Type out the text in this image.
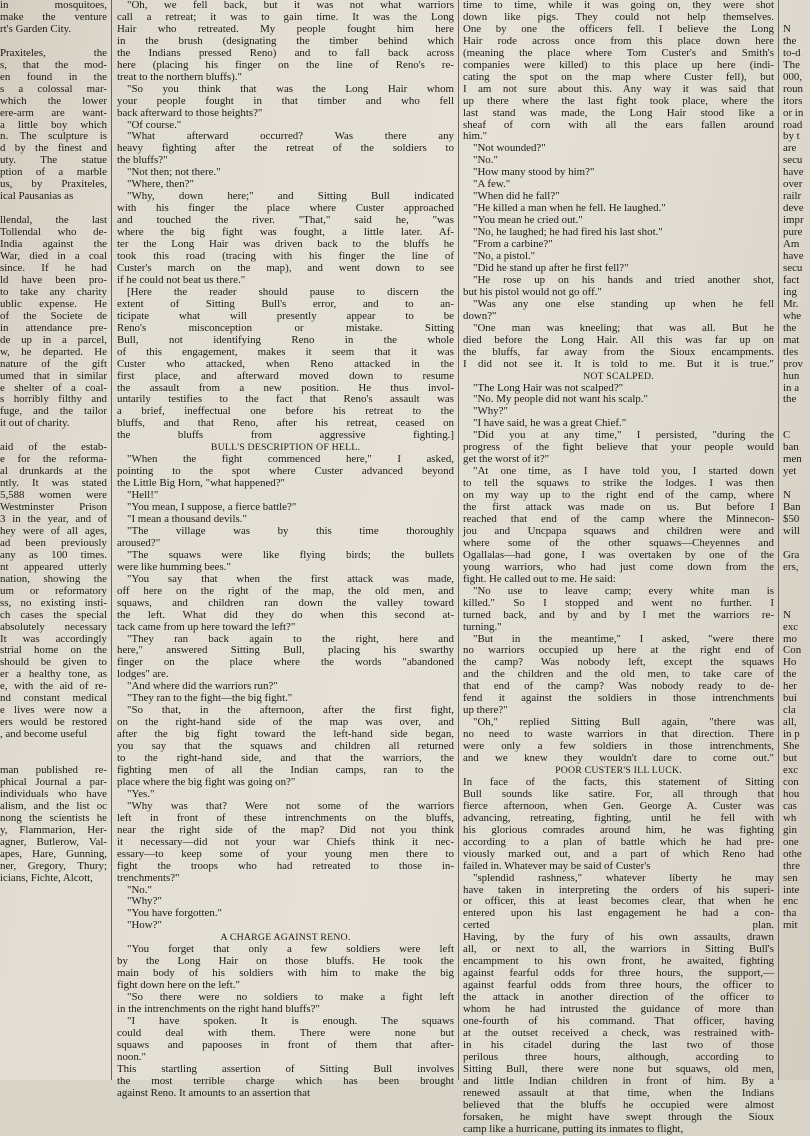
in mosquitoes,
make the venture
rt's Garden City.

Praxiteles, the
s, that the mod-
en found in the
s a colossal mar-
which the lower
ere-arm are want-
a little boy which
n. The sculpture is
d by the finest and
uty. The statue
ption of a marble
us, by Praxiteles,
ical Pausanias as

llendal, the last
Tollendal who de-
India against the
War, died in a coal
since. If he had
ld have been pro-
to take any charity
ublic expense. He
of the Societe de
in attendance pre-
de up in a parcel,
w, he departed. He
nature of the gift
umed that in similar
e shelter of a coal-
s horribly filthy and
fuge, and the tailor
it out of charity.

aid of the estab-
e for the reforma-
al drunkards at the
ntly. It was stated
5,588 women were
Westminster Prison
3 in the year, and of
hey were of all ages,
ad been previously
any as 100 times.
nt appeared utterly
nation, showing the
um or reformatory
ss, no existing insti-
ch cases the special
absolutely necessary
It was accordingly
strial home on the
should be given to
er a healthy tone, as
e, with the aid of re-
nd constant medical
e lives were now a
ers would be restored
, and become useful

man published re-
phical Journal a par-
individuals who have
alism, and the list oc
nong the scientists he
y, Flammarion, Her-
agner, Butlerow, Val-
apes, Hare, Gunning,
ner, Gregory, Thury;
icians, Fichte, Alcott,
"Oh, we fell back, but it was not what warriors
call a retreat; it was to gain time. It was the Long
Hair who retreated. My people fought him here
in the brush (designating the timber behind which
the Indians pressed Reno) and to fall back across
here (placing his finger on the line of Reno's re-
treat to the northern bluffs)."
"So you think that was the Long Hair whom
your people fought in that timber and who fell
back afterward to those heights?"
"Of course."
"What afterward occurred? Was there any
heavy fighting after the retreat of the soldiers to
the bluffs?"
"Not then; not there."
"Where, then?"
"Why, down here;" and Sitting Bull indicated
with his finger the place where Custer approached
and touched the river. "That," said he, "was
where the big fight was fought, a little later. Af-
ter the Long Hair was driven back to the bluffs he
took this road (tracing with his finger the line of
Custer's march on the map), and went down to see
if he could not beat us there."
[Here the reader should pause to discern the
extent of Sitting Bull's error, and to an-
ticipate what will presently appear to be
Reno's misconception or mistake. Sitting
Bull, not identifying Reno in the whole
of this engagement, makes it seem that it was
Custer who attacked, when Reno attacked in the
first place, and afterward moved down to resume
the assault from a new position. He thus invol-
untarily testifies to the fact that Reno's assault was
a brief, ineffectual one before his retreat to the
bluffs, and that Reno, after his retreat, ceased on
the bluffs from aggressive fighting.]
BULL'S DESCRIPTION OF HELL.
"When the fight commenced here," I asked,
pointing to the spot where Custer advanced beyond
the Little Big Horn, "what happened?"
"Hell!"
"You mean, I suppose, a fierce battle?"
"I mean a thousand devils."
"The village was by this time thoroughly
aroused?"
"The squaws were like flying birds; the bullets
were like humming bees."
"You say that when the first attack was made,
off here on the right of the map, the old men, and
squaws, and children ran down the valley toward
the left. What did they do when this second at-
tack came from up here toward the left?"
"They ran back again to the right, here and
here," answered Sitting Bull, placing his swarthy
finger on the place where the words "abandoned
lodges" are.
"And where did the warriors run?"
"They ran to the fight—the big fight."
"So that, in the afternoon, after the first fight,
on the right-hand side of the map was over, and
after the big fight toward the left-hand side began,
you say that the squaws and children all returned
to the right-hand side, and that the warriors, the
fighting men of all the Indian camps, ran to the
place where the big fight was going on?"
"Yes."
"Why was that? Were not some of the warriors
left in front of these intrenchments on the bluffs,
near the right side of the map? Did not you think
it necessary—did not your war Chiefs think it nec-
essary—to keep some of your young men there to
fight the troops who had retreated to those in-
trenchments?"
"No."
"Why?"
"You have forgotten."
"How?"
A CHARGE AGAINST RENO.
"You forget that only a few soldiers were left
by the Long Hair on those bluffs. He took the
main body of his soldiers with him to make the big
fight down here on the left."
"So there were no soldiers to make a fight left
in the intrenchments on the right hand bluffs?"
"I have spoken. It is enough. The squaws
could deal with them. There were none but
squaws and papooses in front of them that after-
noon."
This startling assertion of Sitting Bull involves
the most terrible charge which has been brought
against Reno. It amounts to an assertion that
time to time, while it was going on, they were shot
down like pigs. They could not help themselves.
One by one the officers fell. I believe the Long
Hair rode across once from this place down here
(meaning the place where Tom Custer's and Smith's
companies were killed) to this place up here (indi-
cating the spot on the map where Custer fell), but
I am not sure about this. Any way it was said that
up there where the last fight took place, where the
last stand was made, the Long Hair stood like a
sheaf of corn with all the ears fallen around
him."
"Not wounded?"
"No."
"How many stood by him?"
"A few."
"When did he fall?"
"He killed a man when he fell. He laughed."
"You mean he cried out."
"No, he laughed; he had fired his last shot."
"From a carbine?"
"No, a pistol."
"Did he stand up after he first fell?"
"He rose up on his hands and tried another shot,
but his pistol would not go off."
"Was any one else standing up when he fell
down?"
"One man was kneeling; that was all. But he
died before the Long Hair. All this was far up on
the bluffs, far away from the Sioux encampments.
I did not see it. It is told to me. But it is true."
NOT SCALPED.
"The Long Hair was not scalped?"
"No. My people did not want his scalp."
"Why?"
"I have said, he was a great Chief."
"Did you at any time," I persisted, "during the
progress of the fight believe that your people would
get the worst of it?"
"At one time, as I have told you, I started down
to tell the squaws to strike the lodges. I was then
on my way up to the right end of the camp, where
the first attack was made on us. But before I
reached that end of the camp where the Minnecon-
jou and Uncpapa squaws and children were and
where some of the other squaws—Cheyennes and
Ogallalas—had gone, I was overtaken by one of the
young warriors, who had just come down from the
fight. He called out to me. He said:
"No use to leave camp; every white man is
killed." So I stopped and went no further. I
turned back, and by and by I met the warriors re-
turning."
"But in the meantime," I asked, "were there
no warriors occupied up here at the right end of
the camp? Was nobody left, except the squaws
and the children and the old men, to take care of
that end of the camp? Was nobody ready to de-
fend it against the soldiers in those intrenchments
up there?"
"Oh," replied Sitting Bull again, "there was
no need to waste warriors in that direction. There
were only a few soldiers in those intrenchments,
and we knew they wouldn't dare to come out."
POOR CUSTER'S ILL LUCK.
In face of the facts, this statement of Sitting
Bull sounds like satire. For, all through that
fierce afternoon, when Gen. George A. Custer was
advancing, retreating, fighting, until he fell with
his glorious comrades around him, he was fighting
according to a plan of battle which he had pre-
viously marked out, and a part of which Reno had
failed in. Whatever may be said of Custer's
"splendid rashness," whatever liberty he may
have taken in interpreting the orders of his superi-
or officer, this at least becomes clear, that when he
entered upon his last engagement he had a con-
certed plan.
Having, by the fury of his own assaults, drawn
all, or next to all, the warriors in Sitting Bull's
encampment to his own front, he awaited, fighting
against fearful odds for three hours, the support,—
against fearful odds from three hours, the officer to
the attack in another direction of the officer to
whom he had intrusted the guidance of more than
one-fourth of his command. That officer, having
at the outset received a check, was restrained with-
in his citadel during the last two of those
perilous three hours, although, according to
Sitting Bull, there were none but squaws, old men,
and little Indian children in front of him. By a
renewed assault at that time, when the Indians
believed that the bluffs he occupied were almost
forsaken, he might have swept through the Sioux
camp like a hurricane, putting its inmates to flight,

N
the
to-d
The
000,
roun
itors
or in
road
by t
are
secu
have
over
railr
deve
impr
pure
Am
have
secu
fact
ing
Mr.
whe
the
mat
tles
prov
hun
in a
the

C
ban
men
yet

N
Ban
$50
will

Gra
ers,

N
exc
mo
Con
Ho
the
her
bui
cla
all,
in p
She
but
exc
con
hou
cas
wh
gin
one
othe
thre
sen
inte
enc
tha
mit
